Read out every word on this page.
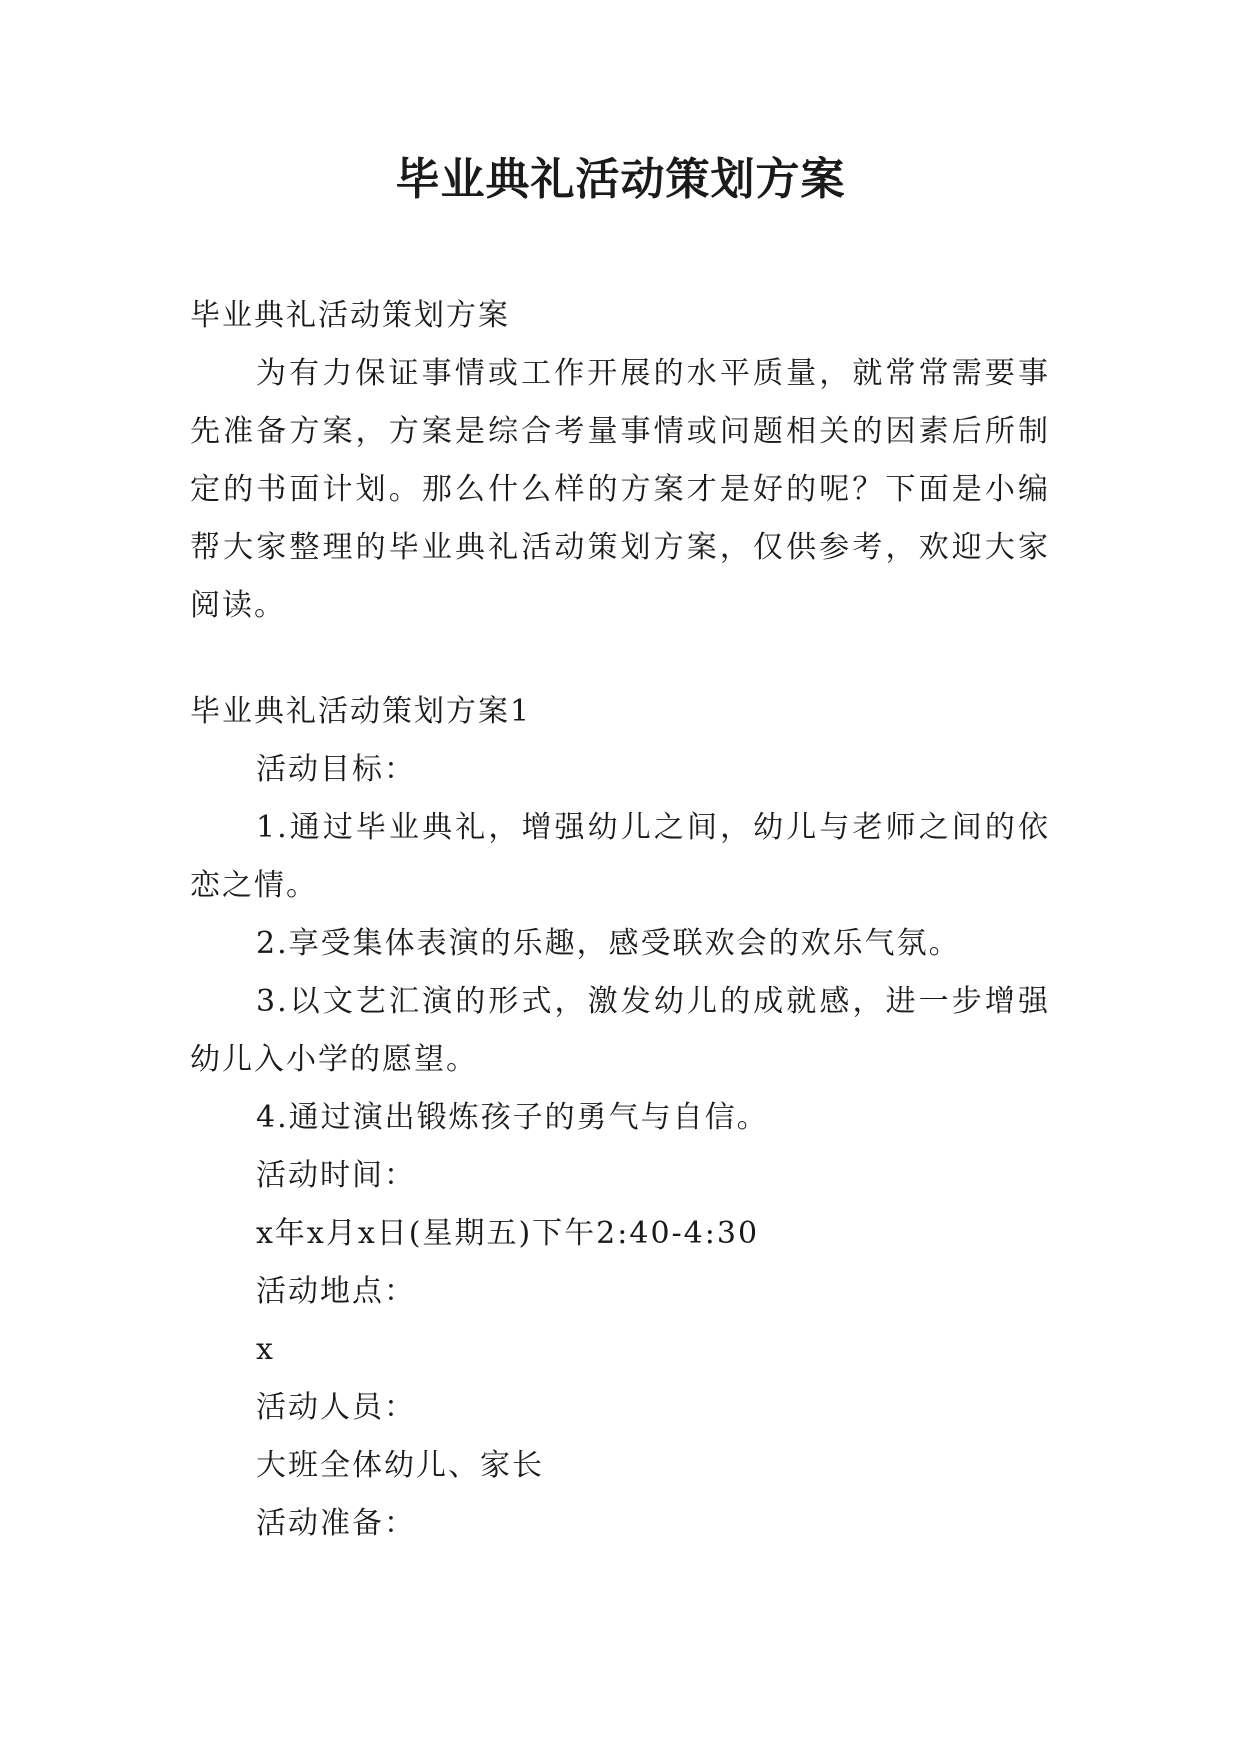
毕业典礼活动策划方案

毕业典礼活动策划方案

为有力保证事情或工作开展的水平质量，就常常需要事先准备方案，方案是综合考量事情或问题相关的因素后所制定的书面计划。那么什么样的方案才是好的呢？下面是小编帮大家整理的毕业典礼活动策划方案，仅供参考，欢迎大家阅读。

毕业典礼活动策划方案1

活动目标：

1.通过毕业典礼，增强幼儿之间，幼儿与老师之间的依恋之情。

2.享受集体表演的乐趣，感受联欢会的欢乐气氛。

3.以文艺汇演的形式，激发幼儿的成就感，进一步增强幼儿入小学的愿望。

4.通过演出锻炼孩子的勇气与自信。

活动时间：

x年x月x日(星期五)下午2:40-4:30

活动地点：

x

活动人员：

大班全体幼儿、家长

活动准备：
